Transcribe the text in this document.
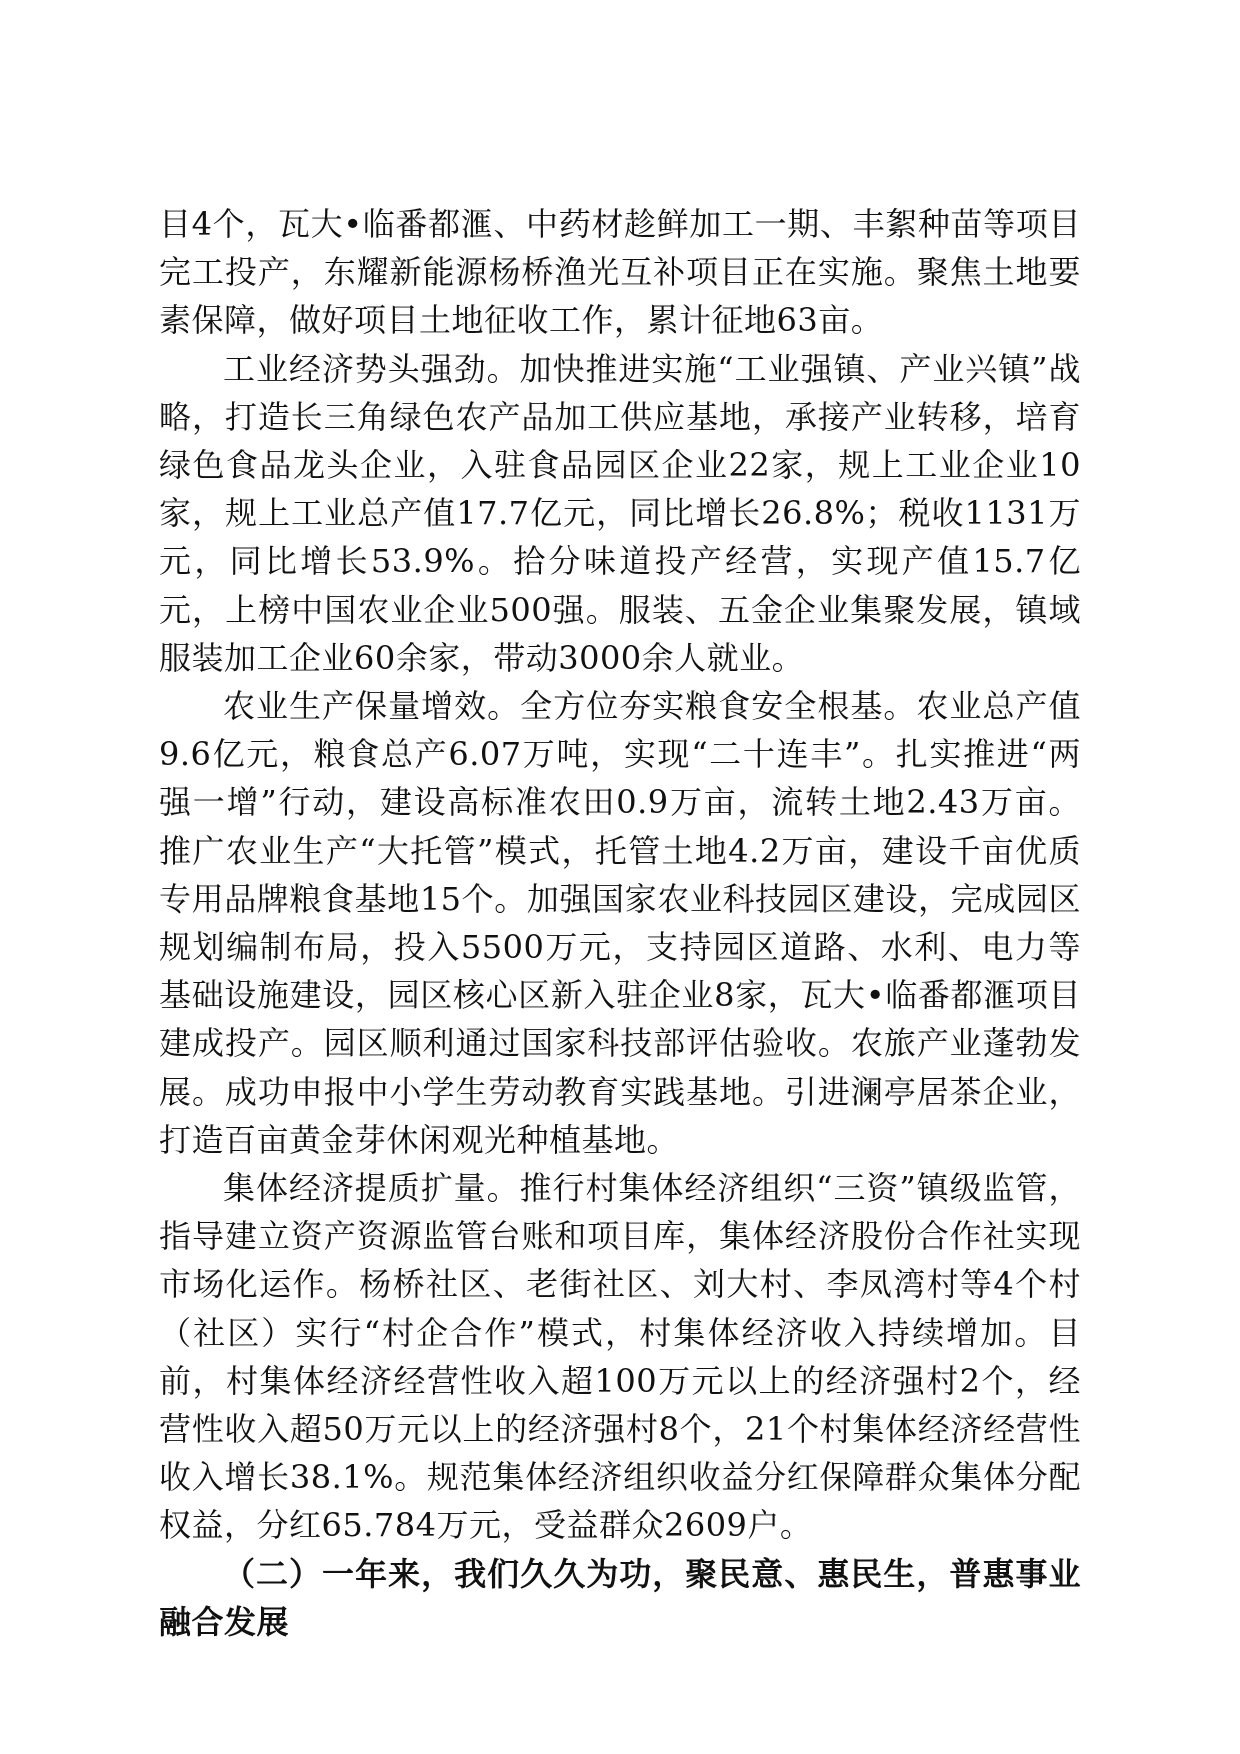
目4个，瓦大•临番都滙、中药材趁鲜加工一期、丰絮种苗等项目完工投产，东耀新能源杨桥渔光互补项目正在实施。聚焦土地要素保障，做好项目土地征收工作，累计征地63亩。

工业经济势头强劲。加快推进实施“工业强镇、产业兴镇”战略，打造长三角绿色农产品加工供应基地，承接产业转移，培育绿色食品龙头企业，入驻食品园区企业22家，规上工业企业10家，规上工业总产值17.7亿元，同比增长26.8%；税收1131万元，同比增长53.9%。拾分味道投产经营，实现产值15.7亿元，上榜中国农业企业500强。服装、五金企业集聚发展，镇域服装加工企业60余家，带动3000余人就业。

农业生产保量增效。全方位夯实粮食安全根基。农业总产值9.6亿元，粮食总产6.07万吨，实现“二十连丰”。扎实推进“两强一增”行动，建设高标准农田0.9万亩，流转土地2.43万亩。推广农业生产“大托管”模式，托管土地4.2万亩，建设千亩优质专用品牌粮食基地15个。加强国家农业科技园区建设，完成园区规划编制布局，投入5500万元，支持园区道路、水利、电力等基础设施建设，园区核心区新入驻企业8家，瓦大•临番都滙项目建成投产。园区顺利通过国家科技部评估验收。农旅产业蓬勃发展。成功申报中小学生劳动教育实践基地。引进澜亭居茶企业，打造百亩黄金芽休闲观光种植基地。

集体经济提质扩量。推行村集体经济组织“三资”镇级监管，指导建立资产资源监管台账和项目库，集体经济股份合作社实现市场化运作。杨桥社区、老街社区、刘大村、李凤湾村等4个村（社区）实行“村企合作”模式，村集体经济收入持续增加。目前，村集体经济经营性收入超100万元以上的经济强村2个，经营性收入超50万元以上的经济强村8个，21个村集体经济经营性收入增长38.1%。规范集体经济组织收益分红保障群众集体分配权益，分红65.784万元，受益群众2609户。

（二）一年来，我们久久为功，聚民意、惠民生，普惠事业融合发展
